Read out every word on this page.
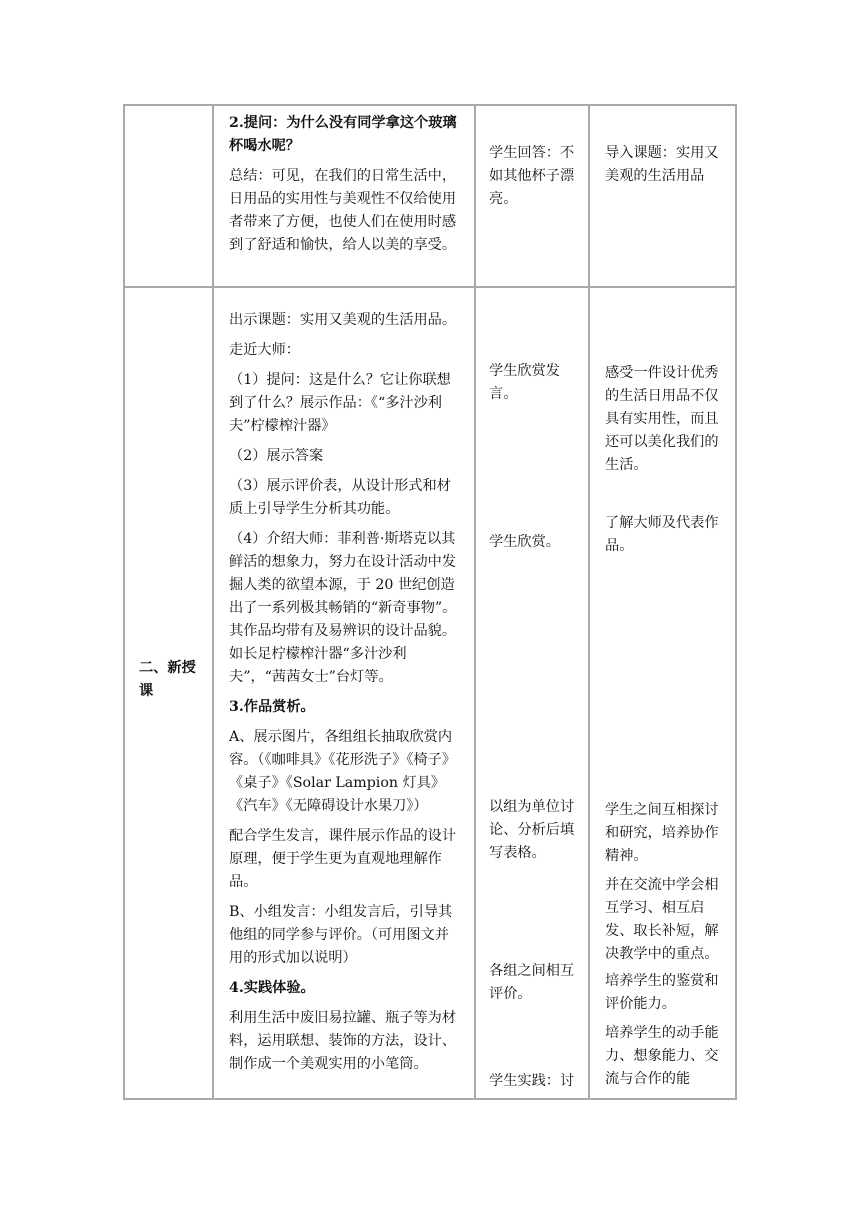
2.提问：为什么没有同学拿这个玻璃杯喝水呢？

总结：可见，在我们的日常生活中，日用品的实用性与美观性不仅给使用者带来了方便，也使人们在使用时感到了舒适和愉快，给人以美的享受。

学生回答：不如其他杯子漂亮。

导入课题：实用又美观的生活用品

二、新授课

出示课题：实用又美观的生活用品。

走近大师：

（1）提问：这是什么？它让你联想到了什么？展示作品：《“多汁沙利夫”柠檬榨汁器》

（2）展示答案

（3）展示评价表，从设计形式和材质上引导学生分析其功能。

（4）介绍大师：菲利普·斯塔克以其鲜活的想象力，努力在设计活动中发掘人类的欲望本源，于 20 世纪创造出了一系列极其畅销的“新奇事物”。其作品均带有及易辨识的设计品貌。如长足柠檬榨汁器“多汁沙利夫”，“茜茜女士”台灯等。

3.作品赏析。

A、展示图片，各组组长抽取欣赏内容。（《咖啡具》《花形洗子》《椅子》《桌子》《Solar Lampion 灯具》《汽车》《无障碍设计水果刀》）

配合学生发言，课件展示作品的设计原理，便于学生更为直观地理解作品。

B、小组发言：小组发言后，引导其他组的同学参与评价。（可用图文并用的形式加以说明）

4.实践体验。

利用生活中废旧易拉罐、瓶子等为材料，运用联想、装饰的方法，设计、制作成一个美观实用的小笔筒。

学生欣赏发言。
学生欣赏。
以组为单位讨论、分析后填写表格。
各组之间相互评价。
学生实践：讨
感受一件设计优秀的生活日用品不仅具有实用性，而且还可以美化我们的生活。
了解大师及代表作品。
学生之间互相探讨和研究，培养协作精神。
并在交流中学会相互学习、相互启发、取长补短，解决教学中的重点。
培养学生的鉴赏和评价能力。
培养学生的动手能力、想象能力、交流与合作的能
